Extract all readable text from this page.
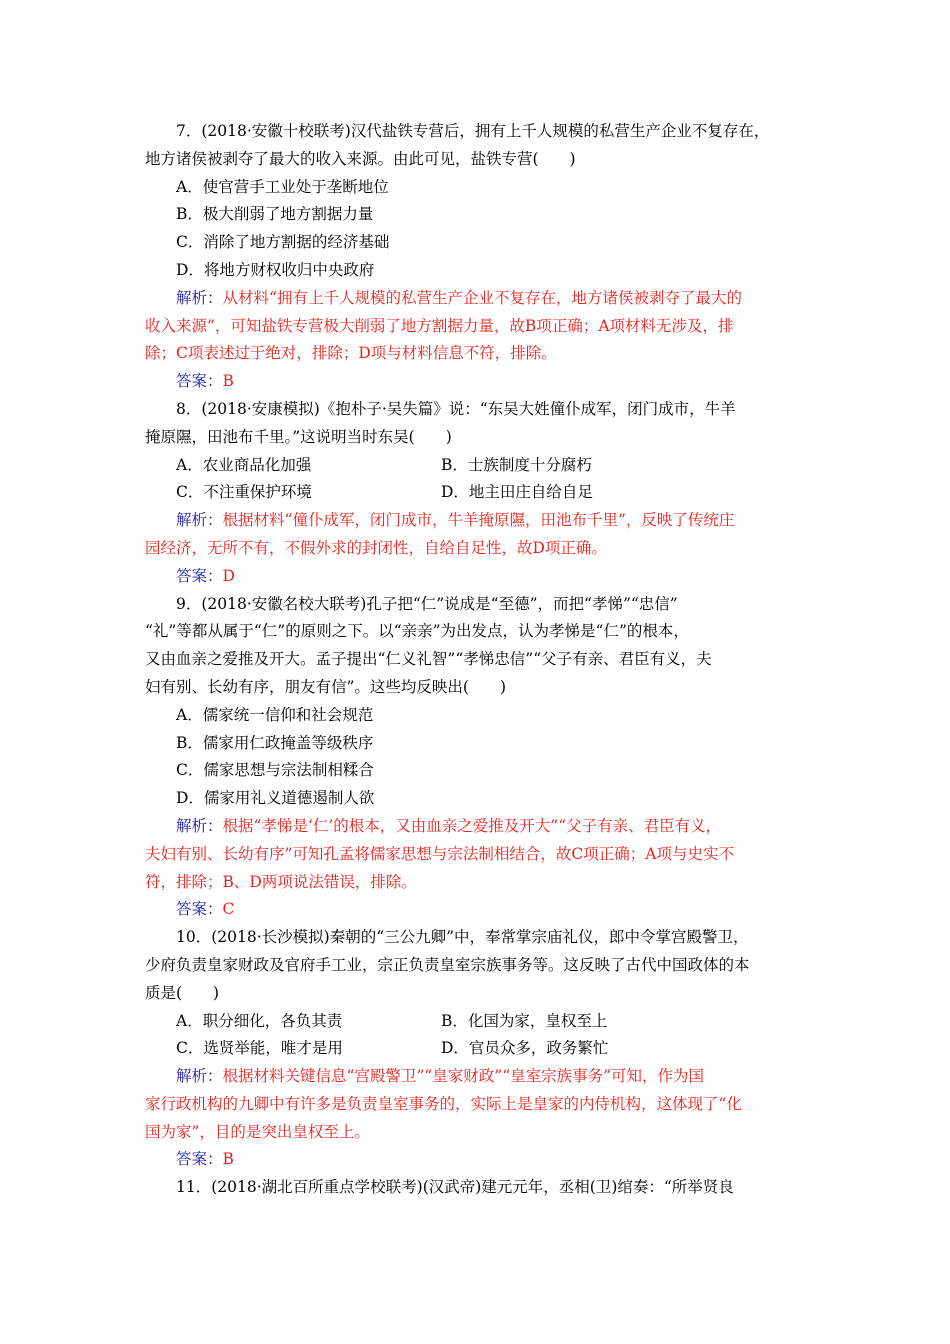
7．(2018·安徽十校联考)汉代盐铁专营后，拥有上千人规模的私营生产企业不复存在，
地方诸侯被剥夺了最大的收入来源。由此可见，盐铁专营(　　)
A．使官营手工业处于垄断地位
B．极大削弱了地方割据力量
C．消除了地方割据的经济基础
D．将地方财权收归中央政府
解析：从材料“拥有上千人规模的私营生产企业不复存在，地方诸侯被剥夺了最大的
收入来源”，可知盐铁专营极大削弱了地方割据力量，故B项正确；A项材料无涉及，排
除；C项表述过于绝对，排除；D项与材料信息不符，排除。
答案：B
8．(2018·安康模拟)《抱朴子·吴失篇》说：“东吴大姓僮仆成军，闭门成市，牛羊
掩原隰，田池布千里。”这说明当时东吴(　　)
A．农业商品化加强	B．士族制度十分腐朽
C．不注重保护环境	D．地主田庄自给自足
解析：根据材料“僮仆成军，闭门成市，牛羊掩原隰，田池布千里”，反映了传统庄
园经济，无所不有，不假外求的封闭性，自给自足性，故D项正确。
答案：D
9．(2018·安徽名校大联考)孔子把“仁”说成是“至德”，而把“孝悌”“忠信”
“礼”等都从属于“仁”的原则之下。以“亲亲”为出发点，认为孝悌是“仁”的根本，
又由血亲之爱推及开大。孟子提出“仁义礼智”“孝悌忠信”“父子有亲、君臣有义，夫
妇有别、长幼有序，朋友有信”。这些均反映出(　　)
A．儒家统一信仰和社会规范
B．儒家用仁政掩盖等级秩序
C．儒家思想与宗法制相糅合
D．儒家用礼义道德遏制人欲
解析：根据“孝悌是‘仁’的根本，又由血亲之爱推及开大”“父子有亲、君臣有义，
夫妇有别、长幼有序”可知孔孟将儒家思想与宗法制相结合，故C项正确；A项与史实不
符，排除；B、D两项说法错误，排除。
答案：C
10．(2018·长沙模拟)秦朝的“三公九卿”中，奉常掌宗庙礼仪，郎中令掌宫殿警卫，
少府负责皇家财政及官府手工业，宗正负责皇室宗族事务等。这反映了古代中国政体的本
质是(　　)
A．职分细化，各负其责	B．化国为家，皇权至上
C．选贤举能，唯才是用	D．官员众多，政务繁忙
解析：根据材料关键信息“宫殿警卫”“皇家财政”“皇室宗族事务”可知，作为国
家行政机构的九卿中有许多是负责皇室事务的，实际上是皇家的内侍机构，这体现了“化
国为家”，目的是突出皇权至上。
答案：B
11．(2018·湖北百所重点学校联考)(汉武帝)建元元年，丞相(卫)绾奏：“所举贤良
